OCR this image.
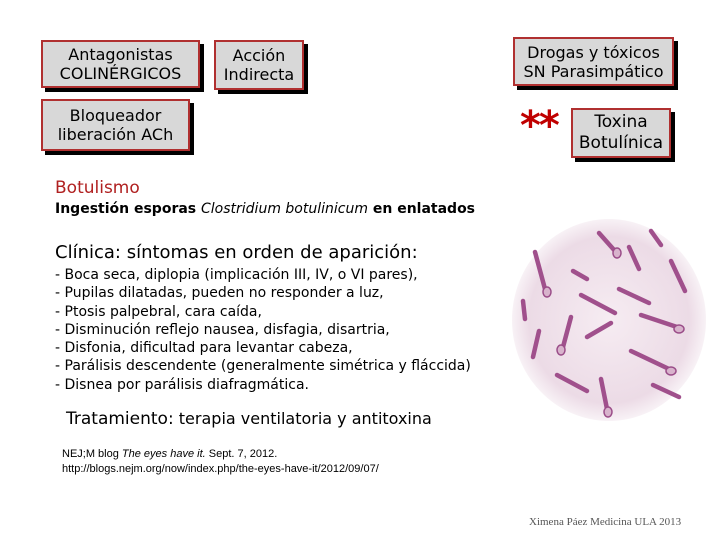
Antagonistas
COLINÉRGICOS
Acción
Indirecta
Drogas y tóxicos
SN Parasimpático
Bloqueador
liberación ACh	**	Toxina
Botulínica
Botulismo
Ingestión esporas Clostridium botulinicum en enlatados
Clínica: síntomas en orden de aparición:
- Boca seca, diplopia (implicación III, IV, o VI pares),
- Pupilas dilatadas, pueden no responder a luz,
- Ptosis palpebral, cara caída,
- Disminución reflejo nausea, disfagia, disartria,
- Disfonia, dificultad para levantar cabeza,
- Parálisis descendente (generalmente simétrica y fláccida)
- Disnea por parálisis diafragmática.
Tratamiento: terapia ventilatoria y antitoxina
NEJ;M blog The eyes have it. Sept. 7, 2012.
http://blogs.nejm.org/now/index.php/the-eyes-have-it/2012/09/07/
Ximena Páez Medicina ULA 2013
